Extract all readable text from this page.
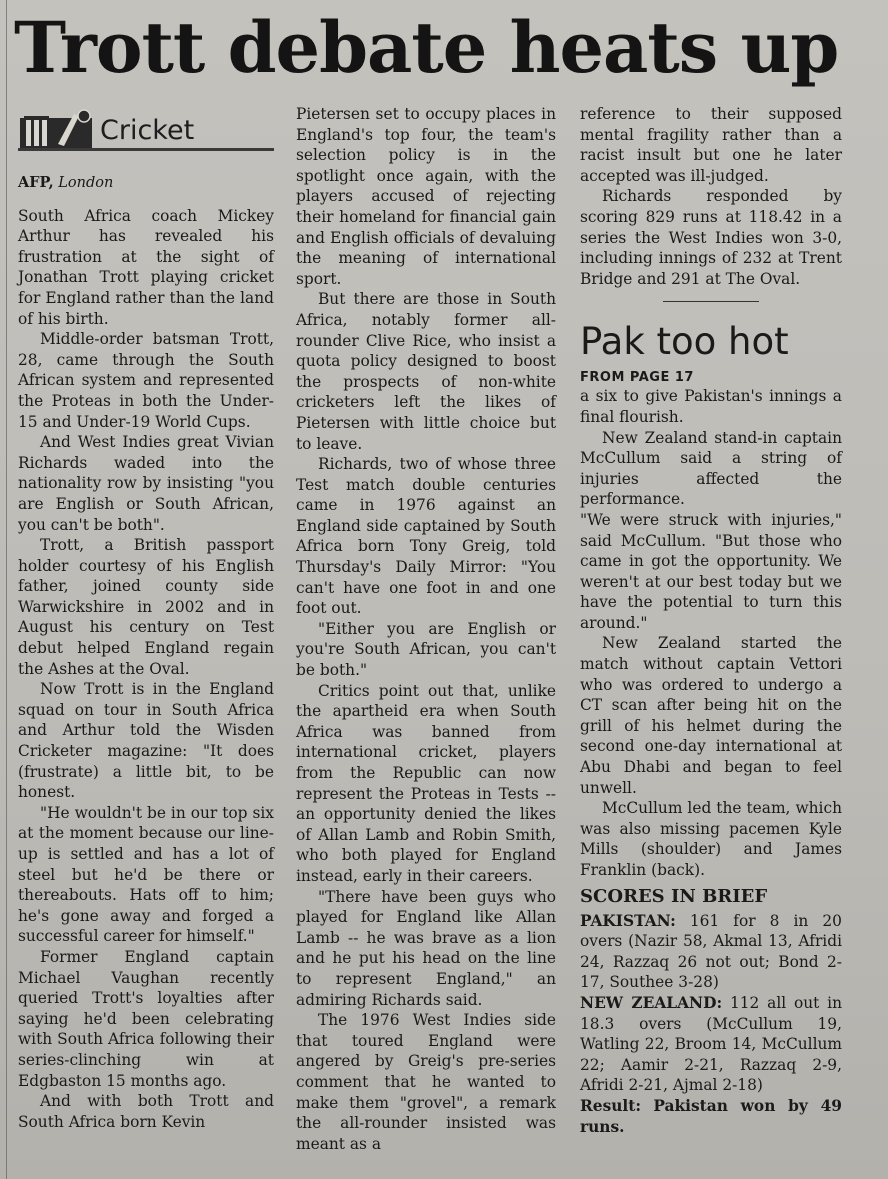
Trott debate heats up
Cricket
AFP, London

South Africa coach Mickey Arthur has revealed his frustration at the sight of Jonathan Trott playing cricket for England rather than the land of his birth.

Middle-order batsman Trott, 28, came through the South African system and represented the Proteas in both the Under-15 and Under-19 World Cups.

And West Indies great Vivian Richards waded into the nationality row by insisting "you are English or South African, you can't be both".

Trott, a British passport holder courtesy of his English father, joined county side Warwickshire in 2002 and in August his century on Test debut helped England regain the Ashes at the Oval.

Now Trott is in the England squad on tour in South Africa and Arthur told the Wisden Cricketer magazine: "It does (frustrate) a little bit, to be honest.

"He wouldn't be in our top six at the moment because our line-up is settled and has a lot of steel but he'd be there or thereabouts. Hats off to him; he's gone away and forged a successful career for himself."

Former England captain Michael Vaughan recently queried Trott's loyalties after saying he'd been celebrating with South Africa following their series-clinching win at Edgbaston 15 months ago.

And with both Trott and South Africa born Kevin

Pietersen set to occupy places in England's top four, the team's selection policy is in the spotlight once again, with the players accused of rejecting their homeland for financial gain and English officials of devaluing the meaning of international sport.

But there are those in South Africa, notably former all-rounder Clive Rice, who insist a quota policy designed to boost the prospects of non-white cricketers left the likes of Pietersen with little choice but to leave.

Richards, two of whose three Test match double centuries came in 1976 against an England side captained by South Africa born Tony Greig, told Thursday's Daily Mirror: "You can't have one foot in and one foot out.

"Either you are English or you're South African, you can't be both."

Critics point out that, unlike the apartheid era when South Africa was banned from international cricket, players from the Republic can now represent the Proteas in Tests -- an opportunity denied the likes of Allan Lamb and Robin Smith, who both played for England instead, early in their careers.

"There have been guys who played for England like Allan Lamb -- he was brave as a lion and he put his head on the line to represent England," an admiring Richards said.

The 1976 West Indies side that toured England were angered by Greig's pre-series comment that he wanted to make them "grovel", a remark the all-rounder insisted was meant as a

reference to their supposed mental fragility rather than a racist insult but one he later accepted was ill-judged.

Richards responded by scoring 829 runs at 118.42 in a series the West Indies won 3-0, including innings of 232 at Trent Bridge and 291 at The Oval.

Pak too hot
FROM PAGE 17

a six to give Pakistan's innings a final flourish.

New Zealand stand-in captain McCullum said a string of injuries affected the performance.

"We were struck with injuries," said McCullum. "But those who came in got the opportunity. We weren't at our best today but we have the potential to turn this around."

New Zealand started the match without captain Vettori who was ordered to undergo a CT scan after being hit on the grill of his helmet during the second one-day international at Abu Dhabi and began to feel unwell.

McCullum led the team, which was also missing pacemen Kyle Mills (shoulder) and James Franklin (back).

SCORES IN BRIEF

PAKISTAN: 161 for 8 in 20 overs (Nazir 58, Akmal 13, Afridi 24, Razzaq 26 not out; Bond 2-17, Southee 3-28)

NEW ZEALAND: 112 all out in 18.3 overs (McCullum 19, Watling 22, Broom 14, McCullum 22; Aamir 2-21, Razzaq 2-9, Afridi 2-21, Ajmal 2-18)

Result: Pakistan won by 49 runs.
